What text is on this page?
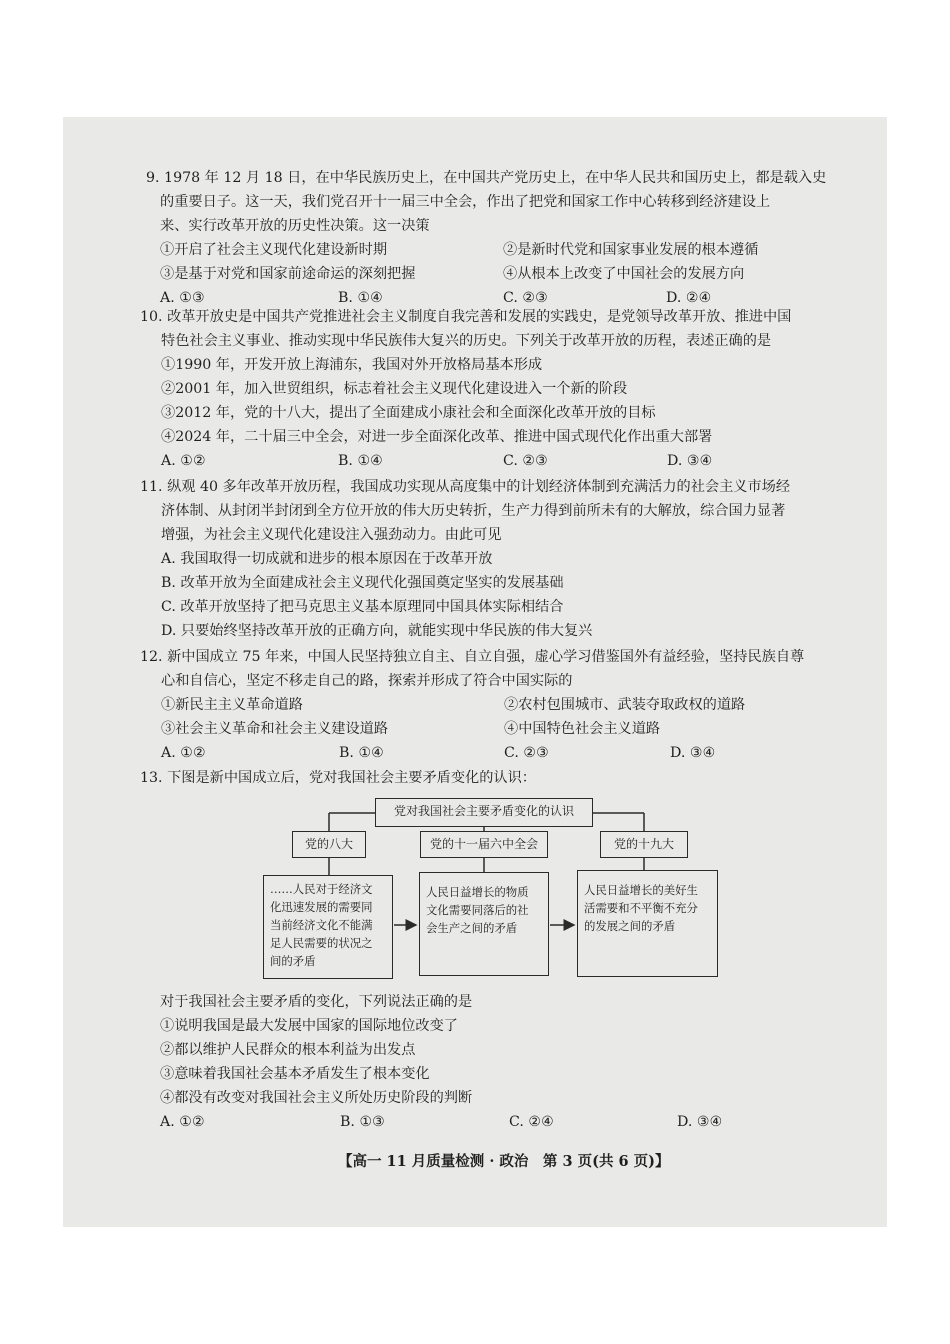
9. 1978 年 12 月 18 日，在中华民族历史上，在中国共产党历史上，在中华人民共和国历史上，都是载入史
的重要日子。这一天，我们党召开十一届三中全会，作出了把党和国家工作中心转移到经济建设上
来、实行改革开放的历史性决策。这一决策
①开启了社会主义现代化建设新时期	②是新时代党和国家事业发展的根本遵循
③是基于对党和国家前途命运的深刻把握	④从根本上改变了中国社会的发展方向
A. ①③	B. ①④	C. ②③	D. ②④
10. 改革开放史是中国共产党推进社会主义制度自我完善和发展的实践史，是党领导改革开放、推进中国
特色社会主义事业、推动实现中华民族伟大复兴的历史。下列关于改革开放的历程，表述正确的是
①1990 年，开发开放上海浦东，我国对外开放格局基本形成
②2001 年，加入世贸组织，标志着社会主义现代化建设进入一个新的阶段
③2012 年，党的十八大，提出了全面建成小康社会和全面深化改革开放的目标
④2024 年，二十届三中全会，对进一步全面深化改革、推进中国式现代化作出重大部署
A. ①②	B. ①④	C. ②③	D. ③④
11. 纵观 40 多年改革开放历程，我国成功实现从高度集中的计划经济体制到充满活力的社会主义市场经
济体制、从封闭半封闭到全方位开放的伟大历史转折，生产力得到前所未有的大解放，综合国力显著
增强，为社会主义现代化建设注入强劲动力。由此可见
A. 我国取得一切成就和进步的根本原因在于改革开放
B. 改革开放为全面建成社会主义现代化强国奠定坚实的发展基础
C. 改革开放坚持了把马克思主义基本原理同中国具体实际相结合
D. 只要始终坚持改革开放的正确方向，就能实现中华民族的伟大复兴
12. 新中国成立 75 年来，中国人民坚持独立自主、自立自强，虚心学习借鉴国外有益经验，坚持民族自尊
心和自信心，坚定不移走自己的路，探索并形成了符合中国实际的
①新民主主义革命道路	②农村包围城市、武装夺取政权的道路
③社会主义革命和社会主义建设道路	④中国特色社会主义道路
A. ①②	B. ①④	C. ②③	D. ③④
13. 下图是新中国成立后，党对我国社会主要矛盾变化的认识：
党对我国社会主要矛盾变化的认识
党的八大	党的十一届六中全会	党的十九大
……人民对于经济文
化迅速发展的需要同
当前经济文化不能满
足人民需要的状况之
间的矛盾
人民日益增长的物质
文化需要同落后的社
会生产之间的矛盾
人民日益增长的美好生
活需要和不平衡不充分
的发展之间的矛盾
对于我国社会主要矛盾的变化，下列说法正确的是
①说明我国是最大发展中国家的国际地位改变了
②都以维护人民群众的根本利益为出发点
③意味着我国社会基本矛盾发生了根本变化
④都没有改变对我国社会主义所处历史阶段的判断
A. ①②	B. ①③	C. ②④	D. ③④
【高一 11 月质量检测 · 政治　第 3 页(共 6 页)】
